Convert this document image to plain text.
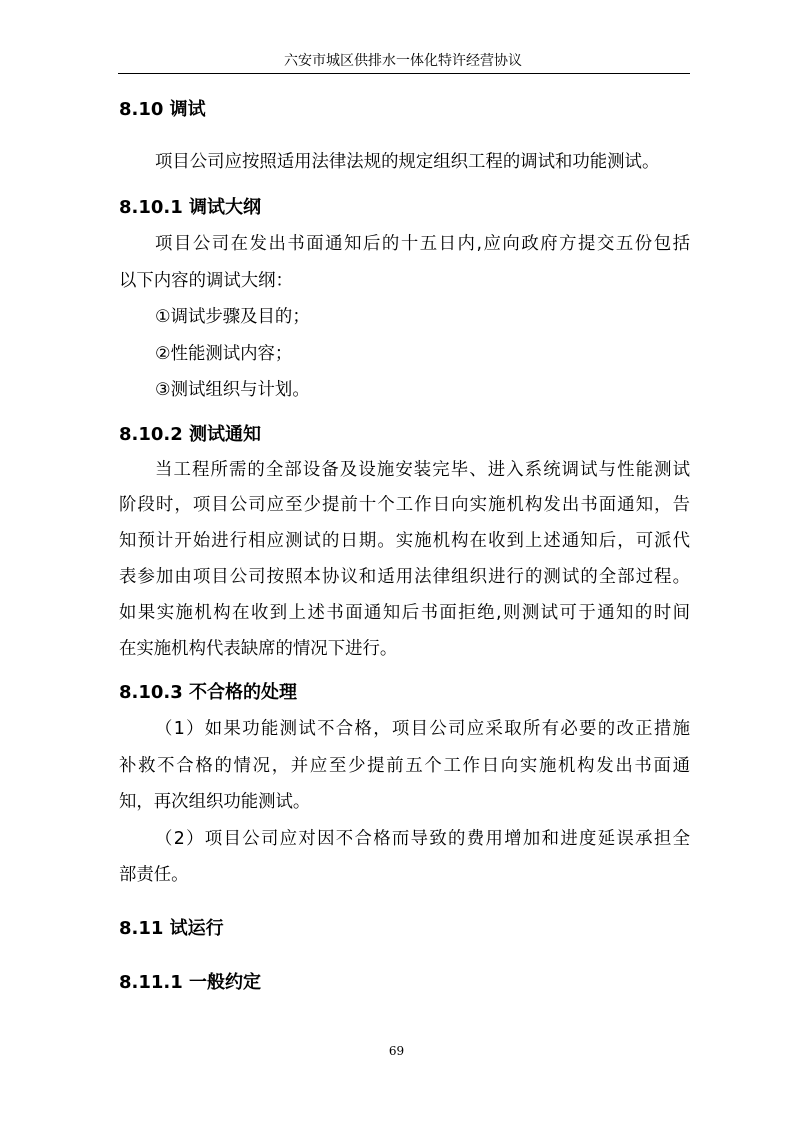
六安市城区供排水一体化特许经营协议
8.10 调试
项目公司应按照适用法律法规的规定组织工程的调试和功能测试。
8.10.1 调试大纲
项目公司在发出书面通知后的十五日内,应向政府方提交五份包括
以下内容的调试大纲：
①调试步骤及目的；
②性能测试内容；
③测试组织与计划。
8.10.2 测试通知
当工程所需的全部设备及设施安装完毕、进入系统调试与性能测试
阶段时，项目公司应至少提前十个工作日向实施机构发出书面通知，告
知预计开始进行相应测试的日期。实施机构在收到上述通知后，可派代
表参加由项目公司按照本协议和适用法律组织进行的测试的全部过程。
如果实施机构在收到上述书面通知后书面拒绝,则测试可于通知的时间
在实施机构代表缺席的情况下进行。
8.10.3 不合格的处理
（1）如果功能测试不合格，项目公司应采取所有必要的改正措施
补救不合格的情况，并应至少提前五个工作日向实施机构发出书面通
知，再次组织功能测试。
（2）项目公司应对因不合格而导致的费用增加和进度延误承担全
部责任。
8.11 试运行
8.11.1 一般约定
69
